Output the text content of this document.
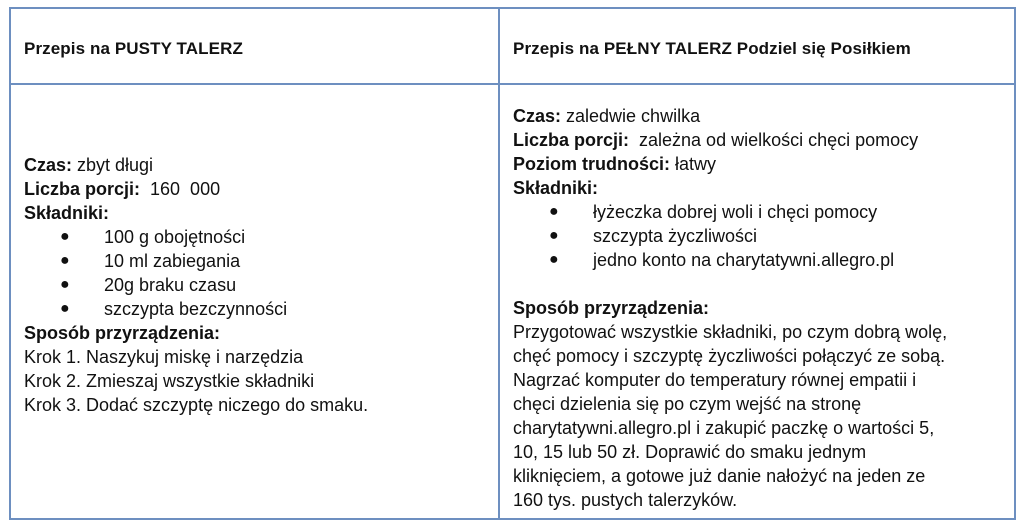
Przepis na PUSTY TALERZ	Przepis na PEŁNY TALERZ Podziel się Posiłkiem
Czas: zbyt długi
Liczba porcji:  160  000
Składniki:
● 100 g obojętności
● 10 ml zabiegania
● 20g braku czasu
● szczypta bezczynności
Sposób przyrządzenia:
Krok 1. Naszykuj miskę i narzędzia
Krok 2. Zmieszaj wszystkie składniki
Krok 3. Dodać szczyptę niczego do smaku.
Czas: zaledwie chwilka
Liczba porcji:  zależna od wielkości chęci pomocy
Poziom trudności: łatwy
Składniki:
● łyżeczka dobrej woli i chęci pomocy
● szczypta życzliwości
● jedno konto na charytatywni.allegro.pl
Sposób przyrządzenia:
Przygotować wszystkie składniki, po czym dobrą wolę,
chęć pomocy i szczyptę życzliwości połączyć ze sobą.
Nagrzać komputer do temperatury równej empatii i
chęci dzielenia się po czym wejść na stronę
charytatywni.allegro.pl i zakupić paczkę o wartości 5,
10, 15 lub 50 zł. Doprawić do smaku jednym
kliknięciem, a gotowe już danie nałożyć na jeden ze
160 tys. pustych talerzyków.
